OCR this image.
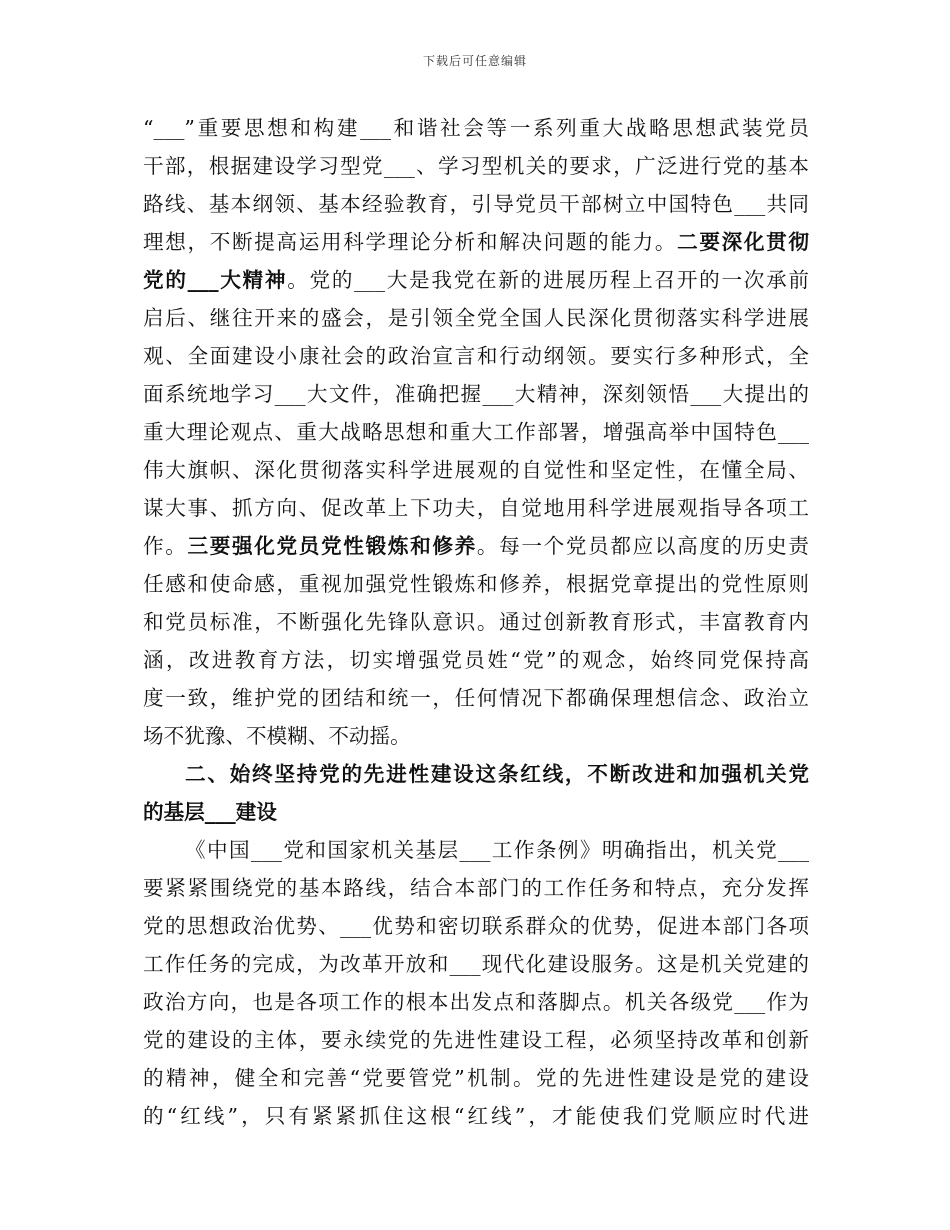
下载后可任意编辑
“___”重要思想和构建___和谐社会等一系列重大战略思想武装党员
干部，根据建设学习型党___、学习型机关的要求，广泛进行党的基本
路线、基本纲领、基本经验教育，引导党员干部树立中国特色___共同
理想，不断提高运用科学理论分析和解决问题的能力。二要深化贯彻
党的___大精神。党的___大是我党在新的进展历程上召开的一次承前
启后、继往开来的盛会，是引领全党全国人民深化贯彻落实科学进展
观、全面建设小康社会的政治宣言和行动纲领。要实行多种形式，全
面系统地学习___大文件，准确把握___大精神，深刻领悟___大提出的
重大理论观点、重大战略思想和重大工作部署，增强高举中国特色___
伟大旗帜、深化贯彻落实科学进展观的自觉性和坚定性，在懂全局、
谋大事、抓方向、促改革上下功夫，自觉地用科学进展观指导各项工
作。三要强化党员党性锻炼和修养。每一个党员都应以高度的历史责
任感和使命感，重视加强党性锻炼和修养，根据党章提出的党性原则
和党员标准，不断强化先锋队意识。通过创新教育形式，丰富教育内
涵，改进教育方法，切实增强党员姓“党”的观念，始终同党保持高
度一致，维护党的团结和统一，任何情况下都确保理想信念、政治立
场不犹豫、不模糊、不动摇。
二、始终坚持党的先进性建设这条红线，不断改进和加强机关党
的基层___建设
《中国___党和国家机关基层___工作条例》明确指出，机关党___
要紧紧围绕党的基本路线，结合本部门的工作任务和特点，充分发挥
党的思想政治优势、___优势和密切联系群众的优势，促进本部门各项
工作任务的完成，为改革开放和___现代化建设服务。这是机关党建的
政治方向，也是各项工作的根本出发点和落脚点。机关各级党___作为
党的建设的主体，要永续党的先进性建设工程，必须坚持改革和创新
的精神，健全和完善“党要管党”机制。党的先进性建设是党的建设
的“红线”，只有紧紧抓住这根“红线”，才能使我们党顺应时代进
